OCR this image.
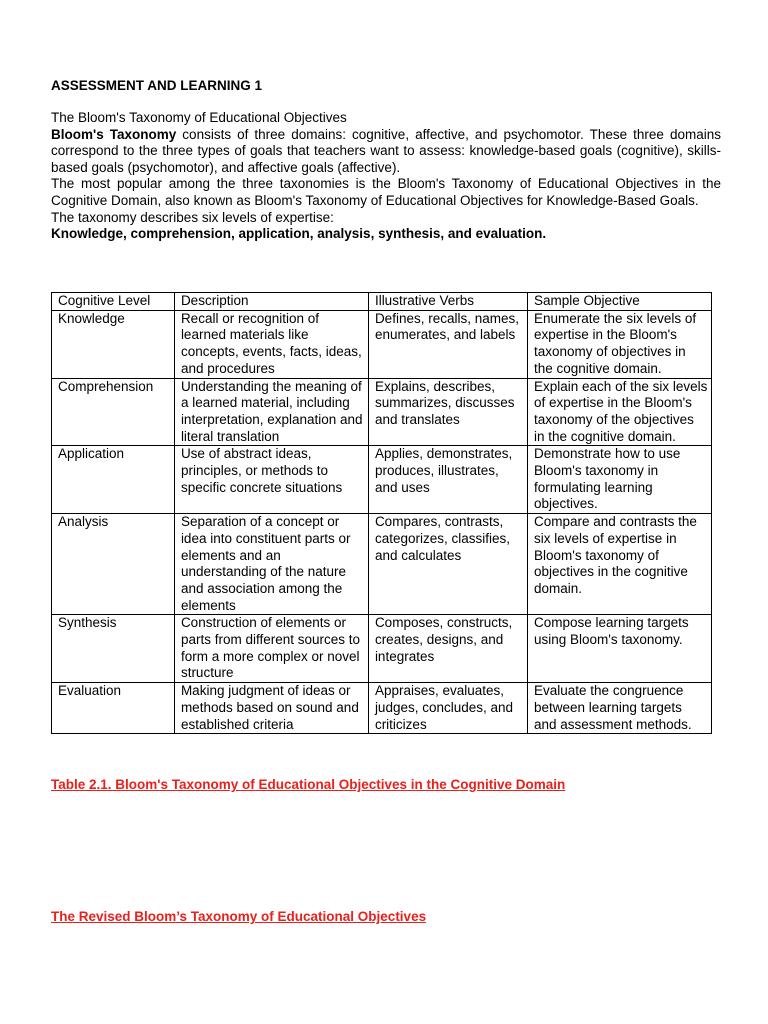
ASSESSMENT AND LEARNING 1

The Bloom's Taxonomy of Educational Objectives

Bloom's Taxonomy consists of three domains: cognitive, affective, and psychomotor. These three domains correspond to the three types of goals that teachers want to assess: knowledge-based goals (cognitive), skills-based goals (psychomotor), and affective goals (affective).

The most popular among the three taxonomies is the Bloom's Taxonomy of Educational Objectives in the Cognitive Domain, also known as Bloom's Taxonomy of Educational Objectives for Knowledge-Based Goals.

The taxonomy describes six levels of expertise:

Knowledge, comprehension, application, analysis, synthesis, and evaluation.

Cognitive Level	Description	Illustrative Verbs	Sample Objective
Knowledge	Recall or recognition of learned materials like concepts, events, facts, ideas, and procedures	Defines, recalls, names, enumerates, and labels	Enumerate the six levels of expertise in the Bloom's taxonomy of objectives in the cognitive domain.
Comprehension	Understanding the meaning of a learned material, including interpretation, explanation and literal translation	Explains, describes, summarizes, discusses and translates	Explain each of the six levels of expertise in the Bloom's taxonomy of the objectives in the cognitive domain.
Application	Use of abstract ideas, principles, or methods to specific concrete situations	Applies, demonstrates, produces, illustrates, and uses	Demonstrate how to use Bloom's taxonomy in formulating learning objectives.
Analysis	Separation of a concept or idea into constituent parts or elements and an understanding of the nature and association among the elements	Compares, contrasts, categorizes, classifies, and calculates	Compare and contrasts the six levels of expertise in Bloom's taxonomy of objectives in the cognitive domain.
Synthesis	Construction of elements or parts from different sources to form a more complex or novel structure	Composes, constructs, creates, designs, and integrates	Compose learning targets using Bloom's taxonomy.
Evaluation	Making judgment of ideas or methods based on sound and established criteria	Appraises, evaluates, judges, concludes, and criticizes	Evaluate the congruence between learning targets and assessment methods.
Table 2.1. Bloom's Taxonomy of Educational Objectives in the Cognitive Domain
The Revised Bloom’s Taxonomy of Educational Objectives
